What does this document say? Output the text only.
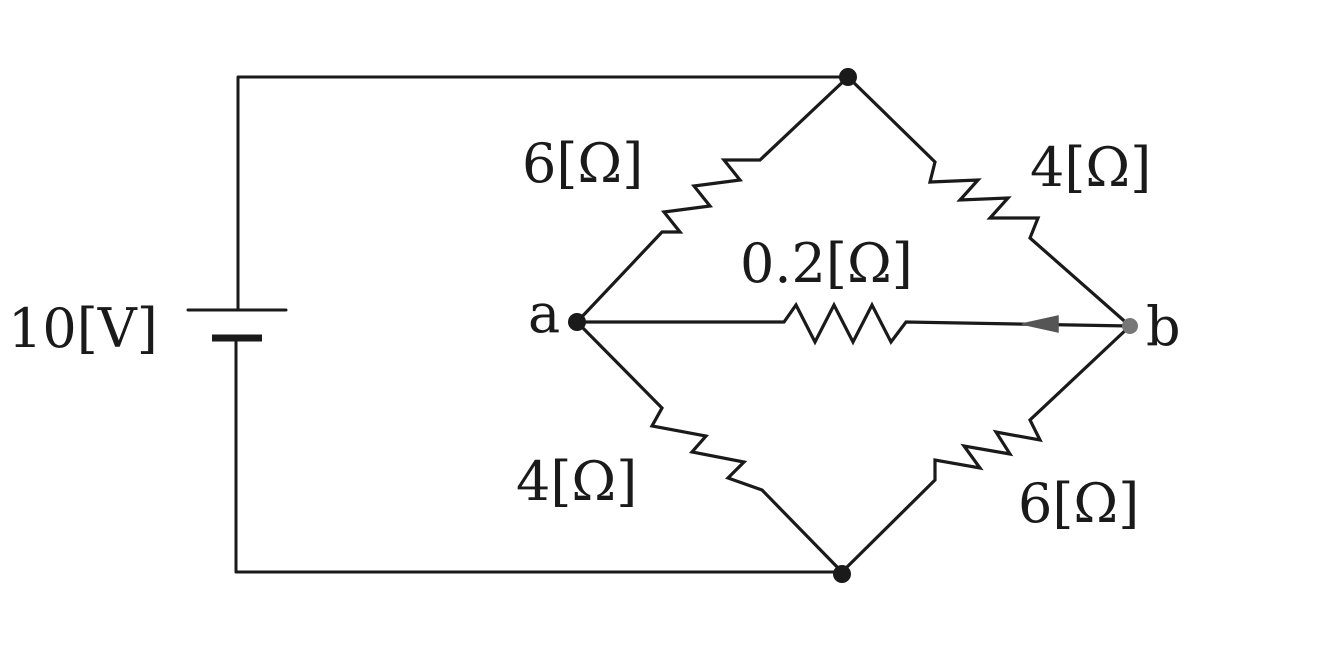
10[V]
6[Ω]	4[Ω]
0.2[Ω]
4[Ω]	6[Ω]
a	b
